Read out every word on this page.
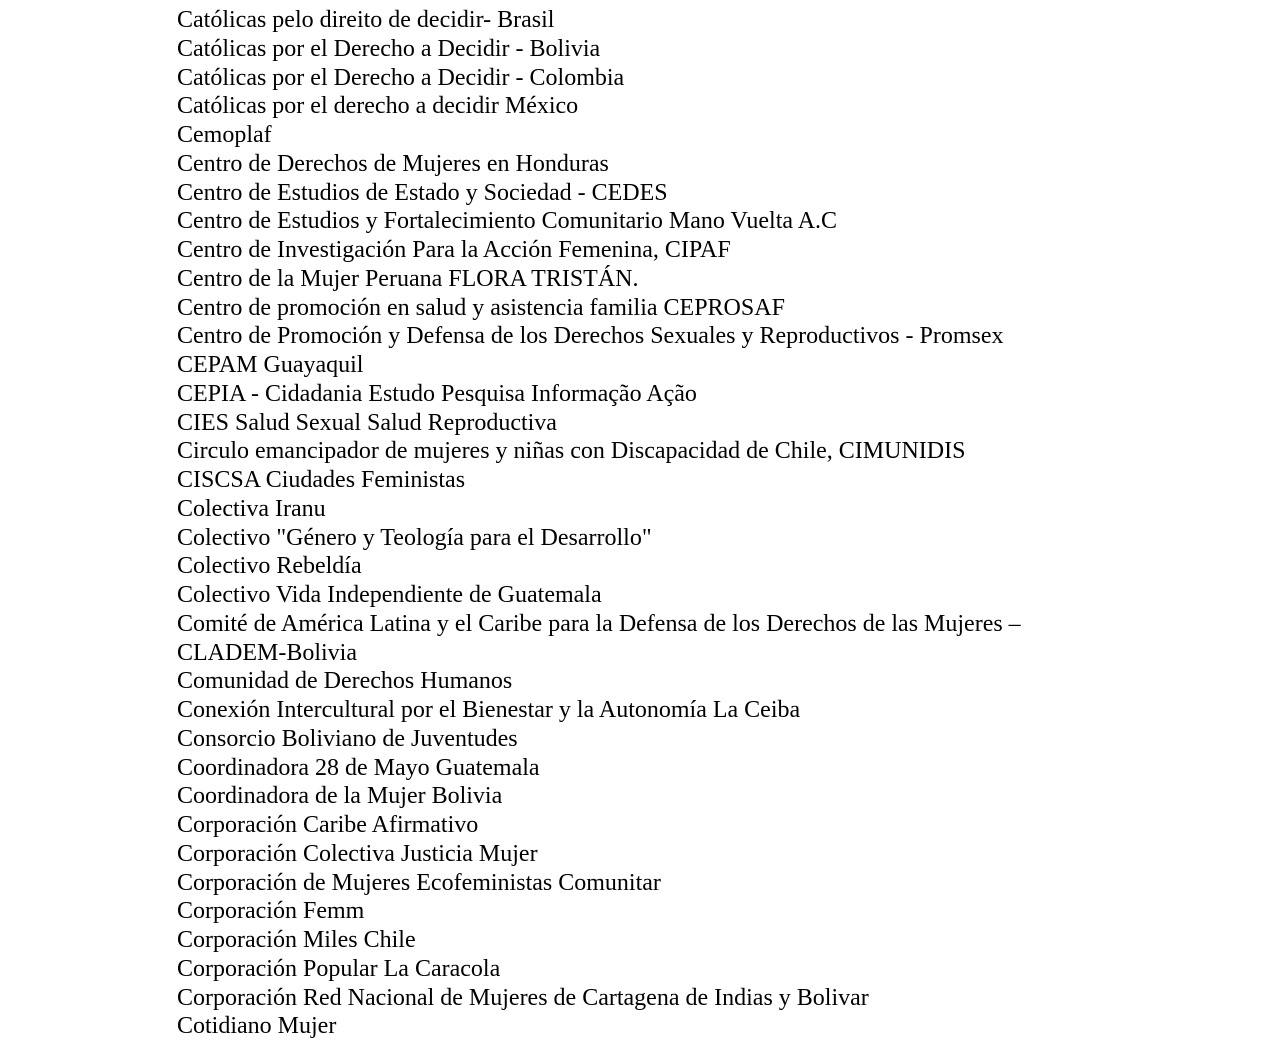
Católicas pelo direito de decidir- Brasil
Católicas por el Derecho a Decidir - Bolivia
Católicas por el Derecho a Decidir - Colombia
Católicas por el derecho a decidir México
Cemoplaf
Centro de Derechos de Mujeres en Honduras
Centro de Estudios de Estado y Sociedad - CEDES
Centro de Estudios y Fortalecimiento Comunitario Mano Vuelta A.C
Centro de Investigación Para la Acción Femenina, CIPAF
Centro de la Mujer Peruana FLORA TRISTÁN.
Centro de promoción en salud y asistencia familia CEPROSAF
Centro de Promoción y Defensa de los Derechos Sexuales y Reproductivos - Promsex
CEPAM Guayaquil
CEPIA - Cidadania Estudo Pesquisa Informação Ação
CIES Salud Sexual Salud Reproductiva
Circulo emancipador de mujeres y niñas con Discapacidad de Chile, CIMUNIDIS
CISCSA Ciudades Feministas
Colectiva Iranu
Colectivo "Género y Teología para el Desarrollo"
Colectivo Rebeldía
Colectivo Vida Independiente de Guatemala
Comité de América Latina y el Caribe para la Defensa de los Derechos de las Mujeres –
CLADEM-Bolivia
Comunidad de Derechos Humanos
Conexión Intercultural por el Bienestar y la Autonomía La Ceiba
Consorcio Boliviano de Juventudes
Coordinadora 28 de Mayo Guatemala
Coordinadora de la Mujer Bolivia
Corporación Caribe Afirmativo
Corporación Colectiva Justicia Mujer
Corporación de Mujeres Ecofeministas Comunitar
Corporación Femm
Corporación Miles Chile
Corporación Popular La Caracola
Corporación Red Nacional de Mujeres de Cartagena de Indias y Bolivar
Cotidiano Mujer
